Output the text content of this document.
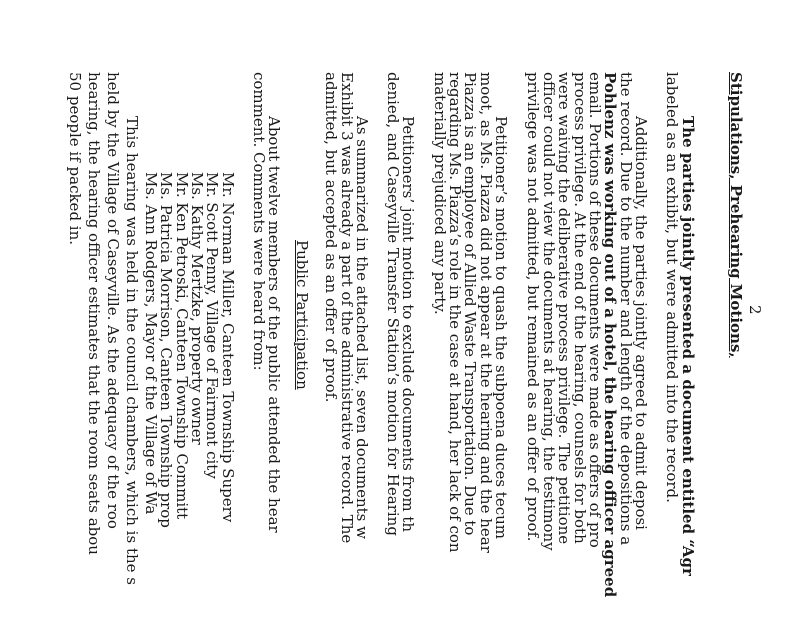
2
Stipulations, Prehearing Motions,
The parties jointly presented a document entitled “Agr
labeled as an exhibit, but were admitted into the record.
Additionally, the parties jointly agreed to admit deposi
the record. Due to the number and length of the depositions a
Pohlenz was working out of a hotel, the hearing officer agreed
email. Portions of these documents were made as offers of pro
process privilege. At the end of the hearing, counsels for both
were waiving the deliberative process privilege. The petitione
officer could not view the documents at hearing, the testimony
privilege was not admitted, but remained as an offer of proof.
Petitioner’s motion to quash the subpoena duces tecum
moot, as Ms. Piazza did not appear at the hearing and the hear
Piazza is an employee of Allied Waste Transportation. Due to
regarding Ms. Piazza’s role in the case at hand, her lack of con
materially prejudiced any party.
Petitioners’ joint motion to exclude documents from th
denied, and Caseyville Transfer Station’s motion for Hearing
As summarized in the attached list, seven documents w
Exhibit 3 was already a part of the administrative record. The
admitted, but accepted as an offer of proof.
Public Participation
About twelve members of the public attended the hear
comment. Comments were heard from:
Mr. Norman Miller, Canteen Township Superv
Mr. Scott Penny, Village of Fairmont city
Ms. Kathy Mertzke, property owner
Mr. Ken Petroski, Canteen Township Committ
Ms. Patricia Morrison, Canteen Township prop
Ms. Ann Rodgers, Mayor of the Village of Wa
This hearing was held in the council chambers, which is the s
held by the Village of Caseyville. As the adequacy of the roo
hearing, the hearing officer estimates that the room seats abou
50 people if packed in.
